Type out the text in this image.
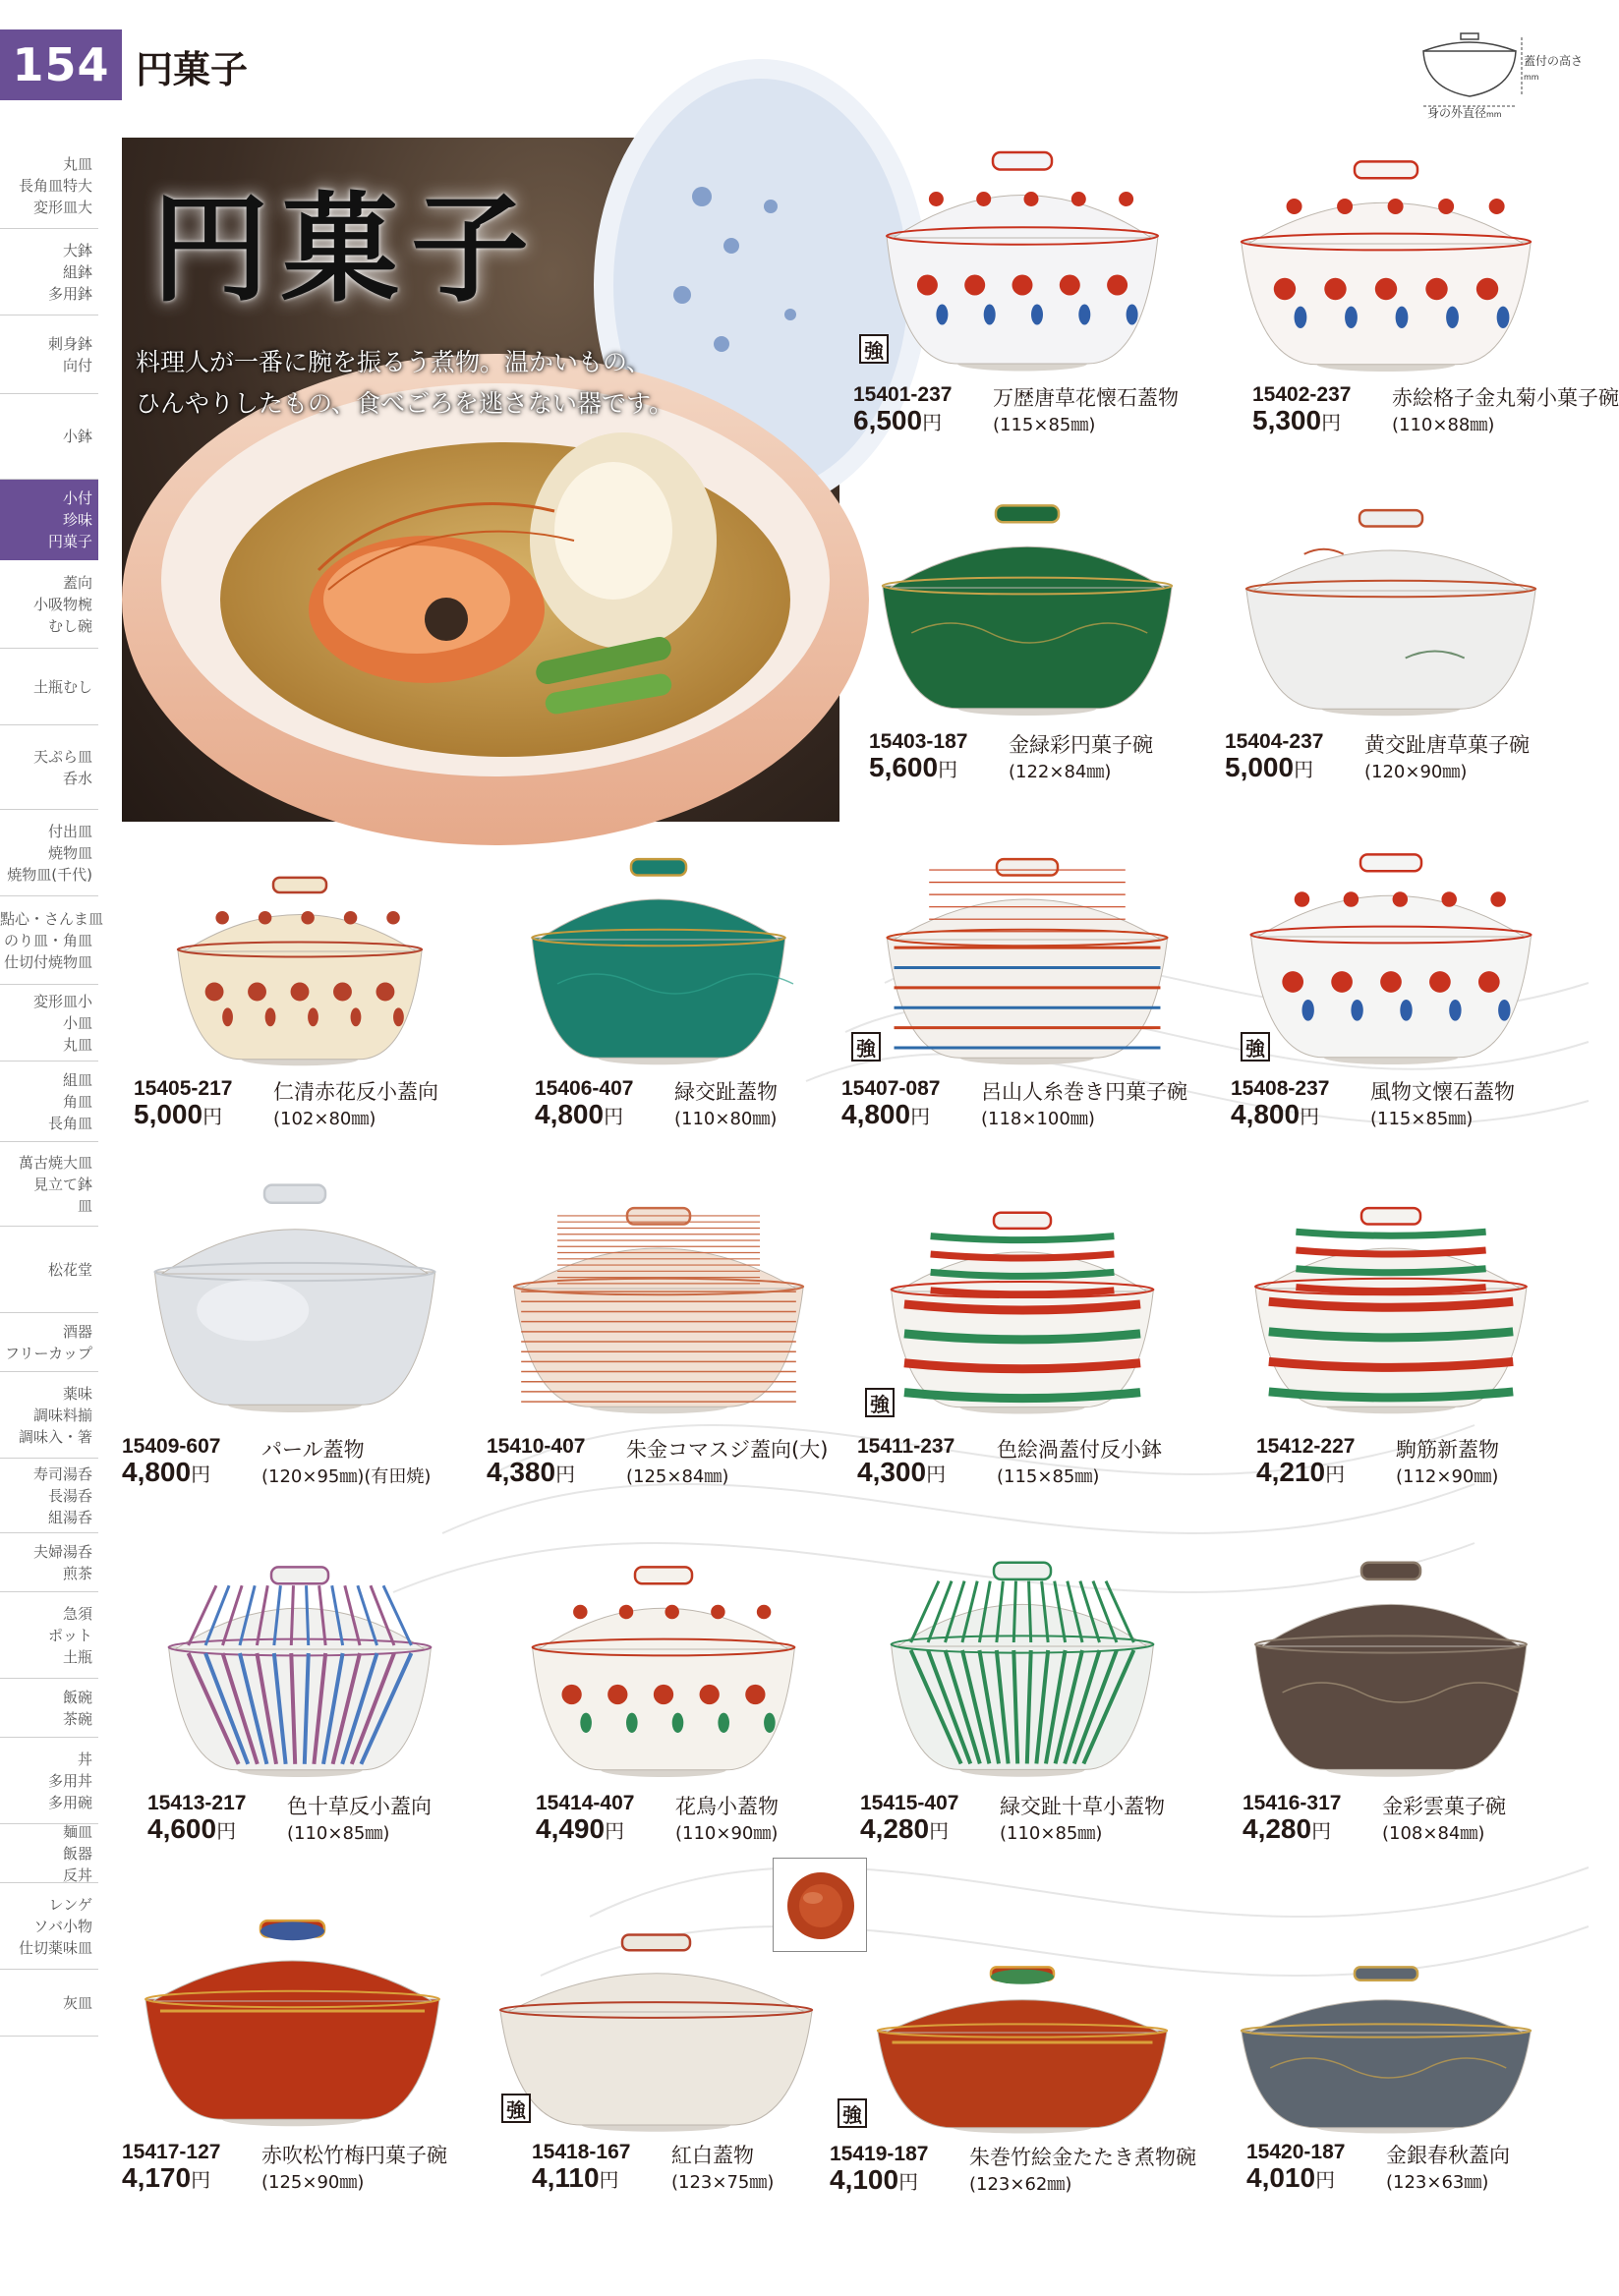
154 円菓子	蓋付の高さmm
身の外直径mm
丸皿
長角皿特大
変形皿大
大鉢
組鉢
多用鉢
刺身鉢
向付
小鉢
小付
珍味
円菓子
蓋向
小吸物椀
むし碗
土瓶むし
天ぷら皿
呑水
付出皿
焼物皿
焼物皿(千代)
點心・さんま皿
のり皿・角皿
仕切付焼物皿
変形皿小
小皿
丸皿
組皿
角皿
長角皿
萬古焼大皿
見立て鉢
皿
松花堂
酒器
フリーカップ
薬味
調味料揃
調味入・箸
寿司湯呑
長湯呑
組湯呑
夫婦湯呑
煎茶
急須
ポット
土瓶
飯碗
茶碗
丼
多用丼
多用碗
麺皿
飯器
反丼
レンゲ
ソバ小物
仕切薬味皿
灰皿
円菓子
料理人が一番に腕を振るう煮物。温かいもの、
ひんやりしたもの、食べごろを逃さない器です。	15401-237 万歴唐草花懐石蓋物
6,500円	(115×85㎜)
強
15402-237 赤絵格子金丸菊小菓子碗
5,300円	(110×88㎜)
15403-187 金緑彩円菓子碗
5,600円	(122×84㎜)
15404-237 黄交趾唐草菓子碗
5,000円	(120×90㎜)
15405-217 仁清赤花反小蓋向
5,000円	(102×80㎜)
15406-407 緑交趾蓋物
4,800円	(110×80㎜)
15407-087 呂山人糸巻き円菓子碗
4,800円	(118×100㎜)
強
15408-237 風物文懐石蓋物
4,800円	(115×85㎜)
強
15409-607 パール蓋物
4,800円	(120×95㎜)(有田焼)
15410-407 朱金コマスジ蓋向(大)
4,380円	(125×84㎜)
15411-237 色絵渦蓋付反小鉢
4,300円	(115×85㎜)
強
15412-227 駒筋新蓋物
4,210円	(112×90㎜)
15413-217 色十草反小蓋向
4,600円	(110×85㎜)
15414-407 花鳥小蓋物
4,490円	(110×90㎜)
15415-407 緑交趾十草小蓋物
4,280円	(110×85㎜)
15416-317 金彩雲菓子碗
4,280円	(108×84㎜)
15417-127 赤吹松竹梅円菓子碗
4,170円	(125×90㎜)
15418-167 紅白蓋物
4,110円	(123×75㎜)
強
15419-187 朱巻竹絵金たたき煮物碗
4,100円	(123×62㎜)
強
15420-187 金銀春秋蓋向
4,010円	(123×63㎜)
